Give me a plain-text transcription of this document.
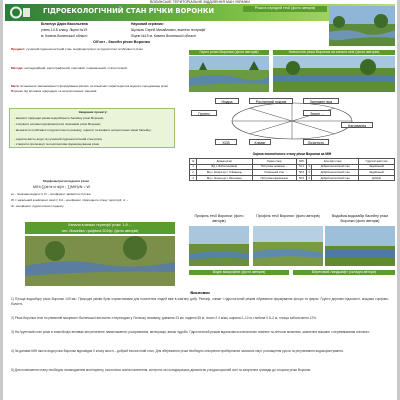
ВОЛИНСЬКЕ ТЕРИТОРІАЛЬНЕ ВІДДІЛЕННЯ МАН УКРАЇНИ
ГІДРОЕКОЛОГІЧНИЙ СТАН РІЧКИ ВОРОНКИ
Білянчук Дарія Васильевна
учень 10-Б класу, Ліцею №19
м. Ковель Волинської області
Науковий керівник:
Шульгач Сергій Михайлович, вчитель географії
Ліцею №19 м. Ковеля Волинської області
Об'єкт - басейн річки Воронки
Річка в середній течії (фото авторів)
Предмет: сучасний гідроекологічний стан, морфометричні та гідрологічні особливості річки
Методи: експедиційний, картографічний, описовий, порівняльний, статистичний.
Мета: встановити закономірності формування якісних та кількісних характеристик водного середовища річки Воронки під впливом природних та антропогенних чинників
Завдання проекту:
- вивчити природні умови водозбірного басейну річки Воронки;
- з'ясувати основні морфометричні показники річки Воронки;
- визначити особливості гідрологічного режиму; оцінити та виявити антропогенні зміни басейну;
- оцінити якість води та сучасний гідроекологічний стан річки;
- створити пропозиції та перспективи функціонування річки
Морфометричні індекси річки
МІН=∑(aі·bі·cі·dі)/n ; ∑(МІН)/N = W
aі – показник водності; bі – коефіцієнт звивистості річки
W = загальний коефіцієнт якості; Σd – коефіцієнт природного стану території; сі –
dі - коефіцієнт гідрологічного індексу
Гирло річки Воронка (фото авторів)	Новосілля річки Воронка на каналі-лінії (фото авторів)
Ніздра	Рослинний покрив	Заплавні ліси
Грунти	Землі ...
ХСВ	Клімат	Лісистість
Нагрівання
Оцінка екологічного стану річки Воронки за МІН
№	Ділянка річки	Оцінка стану	МІН	Категорія стану		Гідрологічний стан
1	Від с. Бобли (верхів'я)	Поступове зниження ...	61.1	II	Добрий екологічний стан	Задовільний
2	Від с. Косари до с. Тойжевець	Погіршений стан	58.3	II	Добрий екологічний стан	Задовільний
3	Від с. Зелена до с. Вільшанка	Поступове відновлення	56.5	II	Добрий екологічний стан	Добрий
Канали в межах території річки: 1-й ...
сел. Можейка, графічна 2019р. (фото авторів)
Профіль течії Воронки: (фото авторів)
Профіль течії Воронки: (фото авторів)	Водойма-водозабір басейну річки Воронки (фото авторів)
Водні макрофіти (фото авторів)	Береговий ландшафт (складні автори)
Висновки
1) Площа водозбору річки Воронки 149 км². Природні умови були сприятливими для поселення людей вже в кам'яну добу. Рельєф, клімат і гідрологічний режим обумовили формування флори та фауни. Ґрунти дерново-підзолисті, місцями торфово-болотні.
2) Річка Воронка тече по рівнинній місцевості Волинської височини з переходом у Поліську низовину, довжина 23 км, падіння 55 м, похил 2.4 м/км, ширина 2–10 м, глибина 0.5–2 м, площа заболочення 12%.
3) На ґрунтовий стан річки в значній мірі впливає антропогенне навантаження: розорювання, меліорація, випас худоби. Гідрологічний режим відзначається весняною повінню та літньою меженню, живлення змішане з переважанням снігового.
4) За даними МІН якість води річки Воронки відповідає ІІ класу якості – добрий екологічний стан. Для збереження річки необхідно створення прибережних захисних смуг, розчищення русла та регулювання водокористування.
5) Для поліпшення стану необхідно налагодження моніторингу, екологічна освіта населення, контроль за господарською діяльністю у водоохоронній зоні та залучення громади до охорони річки Воронки.
